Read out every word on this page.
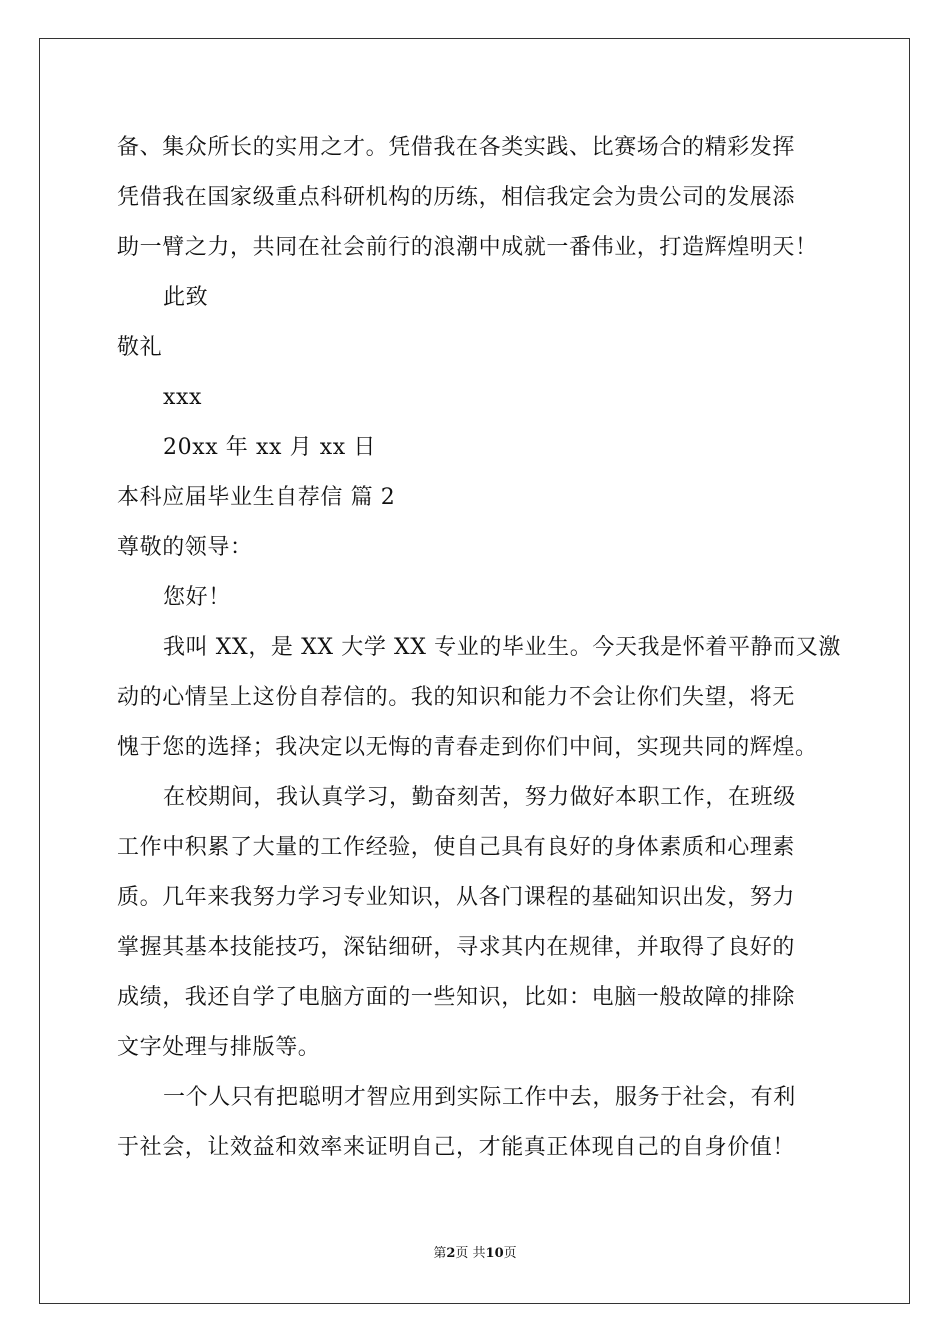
备、集众所长的实用之才。凭借我在各类实践、比赛场合的精彩发挥
凭借我在国家级重点科研机构的历练，相信我定会为贵公司的发展添
助一臂之力，共同在社会前行的浪潮中成就一番伟业，打造辉煌明天！
此致
敬礼
xxx
20xx 年 xx 月 xx 日
本科应届毕业生自荐信 篇 2
尊敬的领导：
您好！
我叫 XX，是 XX 大学 XX 专业的毕业生。今天我是怀着平静而又激
动的心情呈上这份自荐信的。我的知识和能力不会让你们失望，将无
愧于您的选择；我决定以无悔的青春走到你们中间，实现共同的辉煌。
在校期间，我认真学习，勤奋刻苦，努力做好本职工作，在班级
工作中积累了大量的工作经验，使自己具有良好的身体素质和心理素
质。几年来我努力学习专业知识，从各门课程的基础知识出发，努力
掌握其基本技能技巧，深钻细研，寻求其内在规律，并取得了良好的
成绩，我还自学了电脑方面的一些知识，比如：电脑一般故障的排除
文字处理与排版等。
一个人只有把聪明才智应用到实际工作中去，服务于社会，有利
于社会，让效益和效率来证明自己，才能真正体现自己的自身价值！
第2页 共10页
